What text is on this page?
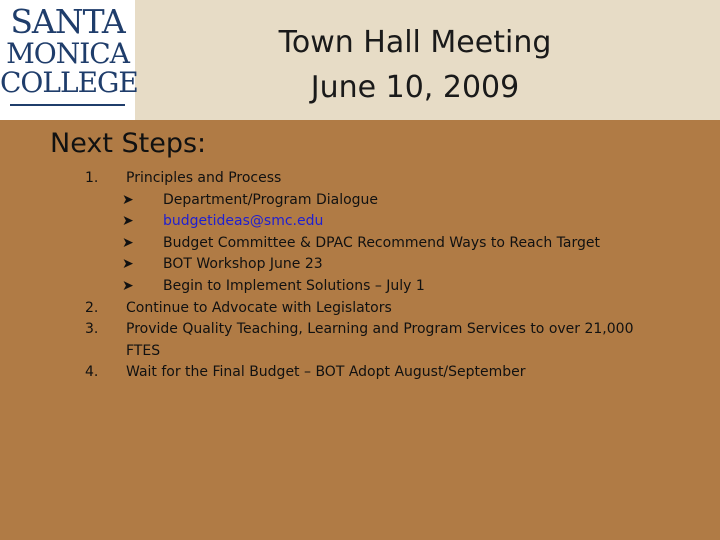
SANTA
MONICA
COLLEGE
Town Hall Meeting
June 10, 2009
Next Steps:
1.	Principles and Process
➤ Department/Program Dialogue
➤ budgetideas@smc.edu
➤ Budget Committee & DPAC Recommend Ways to Reach Target
➤ BOT Workshop June 23
➤ Begin to Implement Solutions – July 1
2.	Continue to Advocate with Legislators
3.	Provide Quality Teaching, Learning and Program Services to over 21,000
FTES
4.	Wait for the Final Budget – BOT Adopt August/September
